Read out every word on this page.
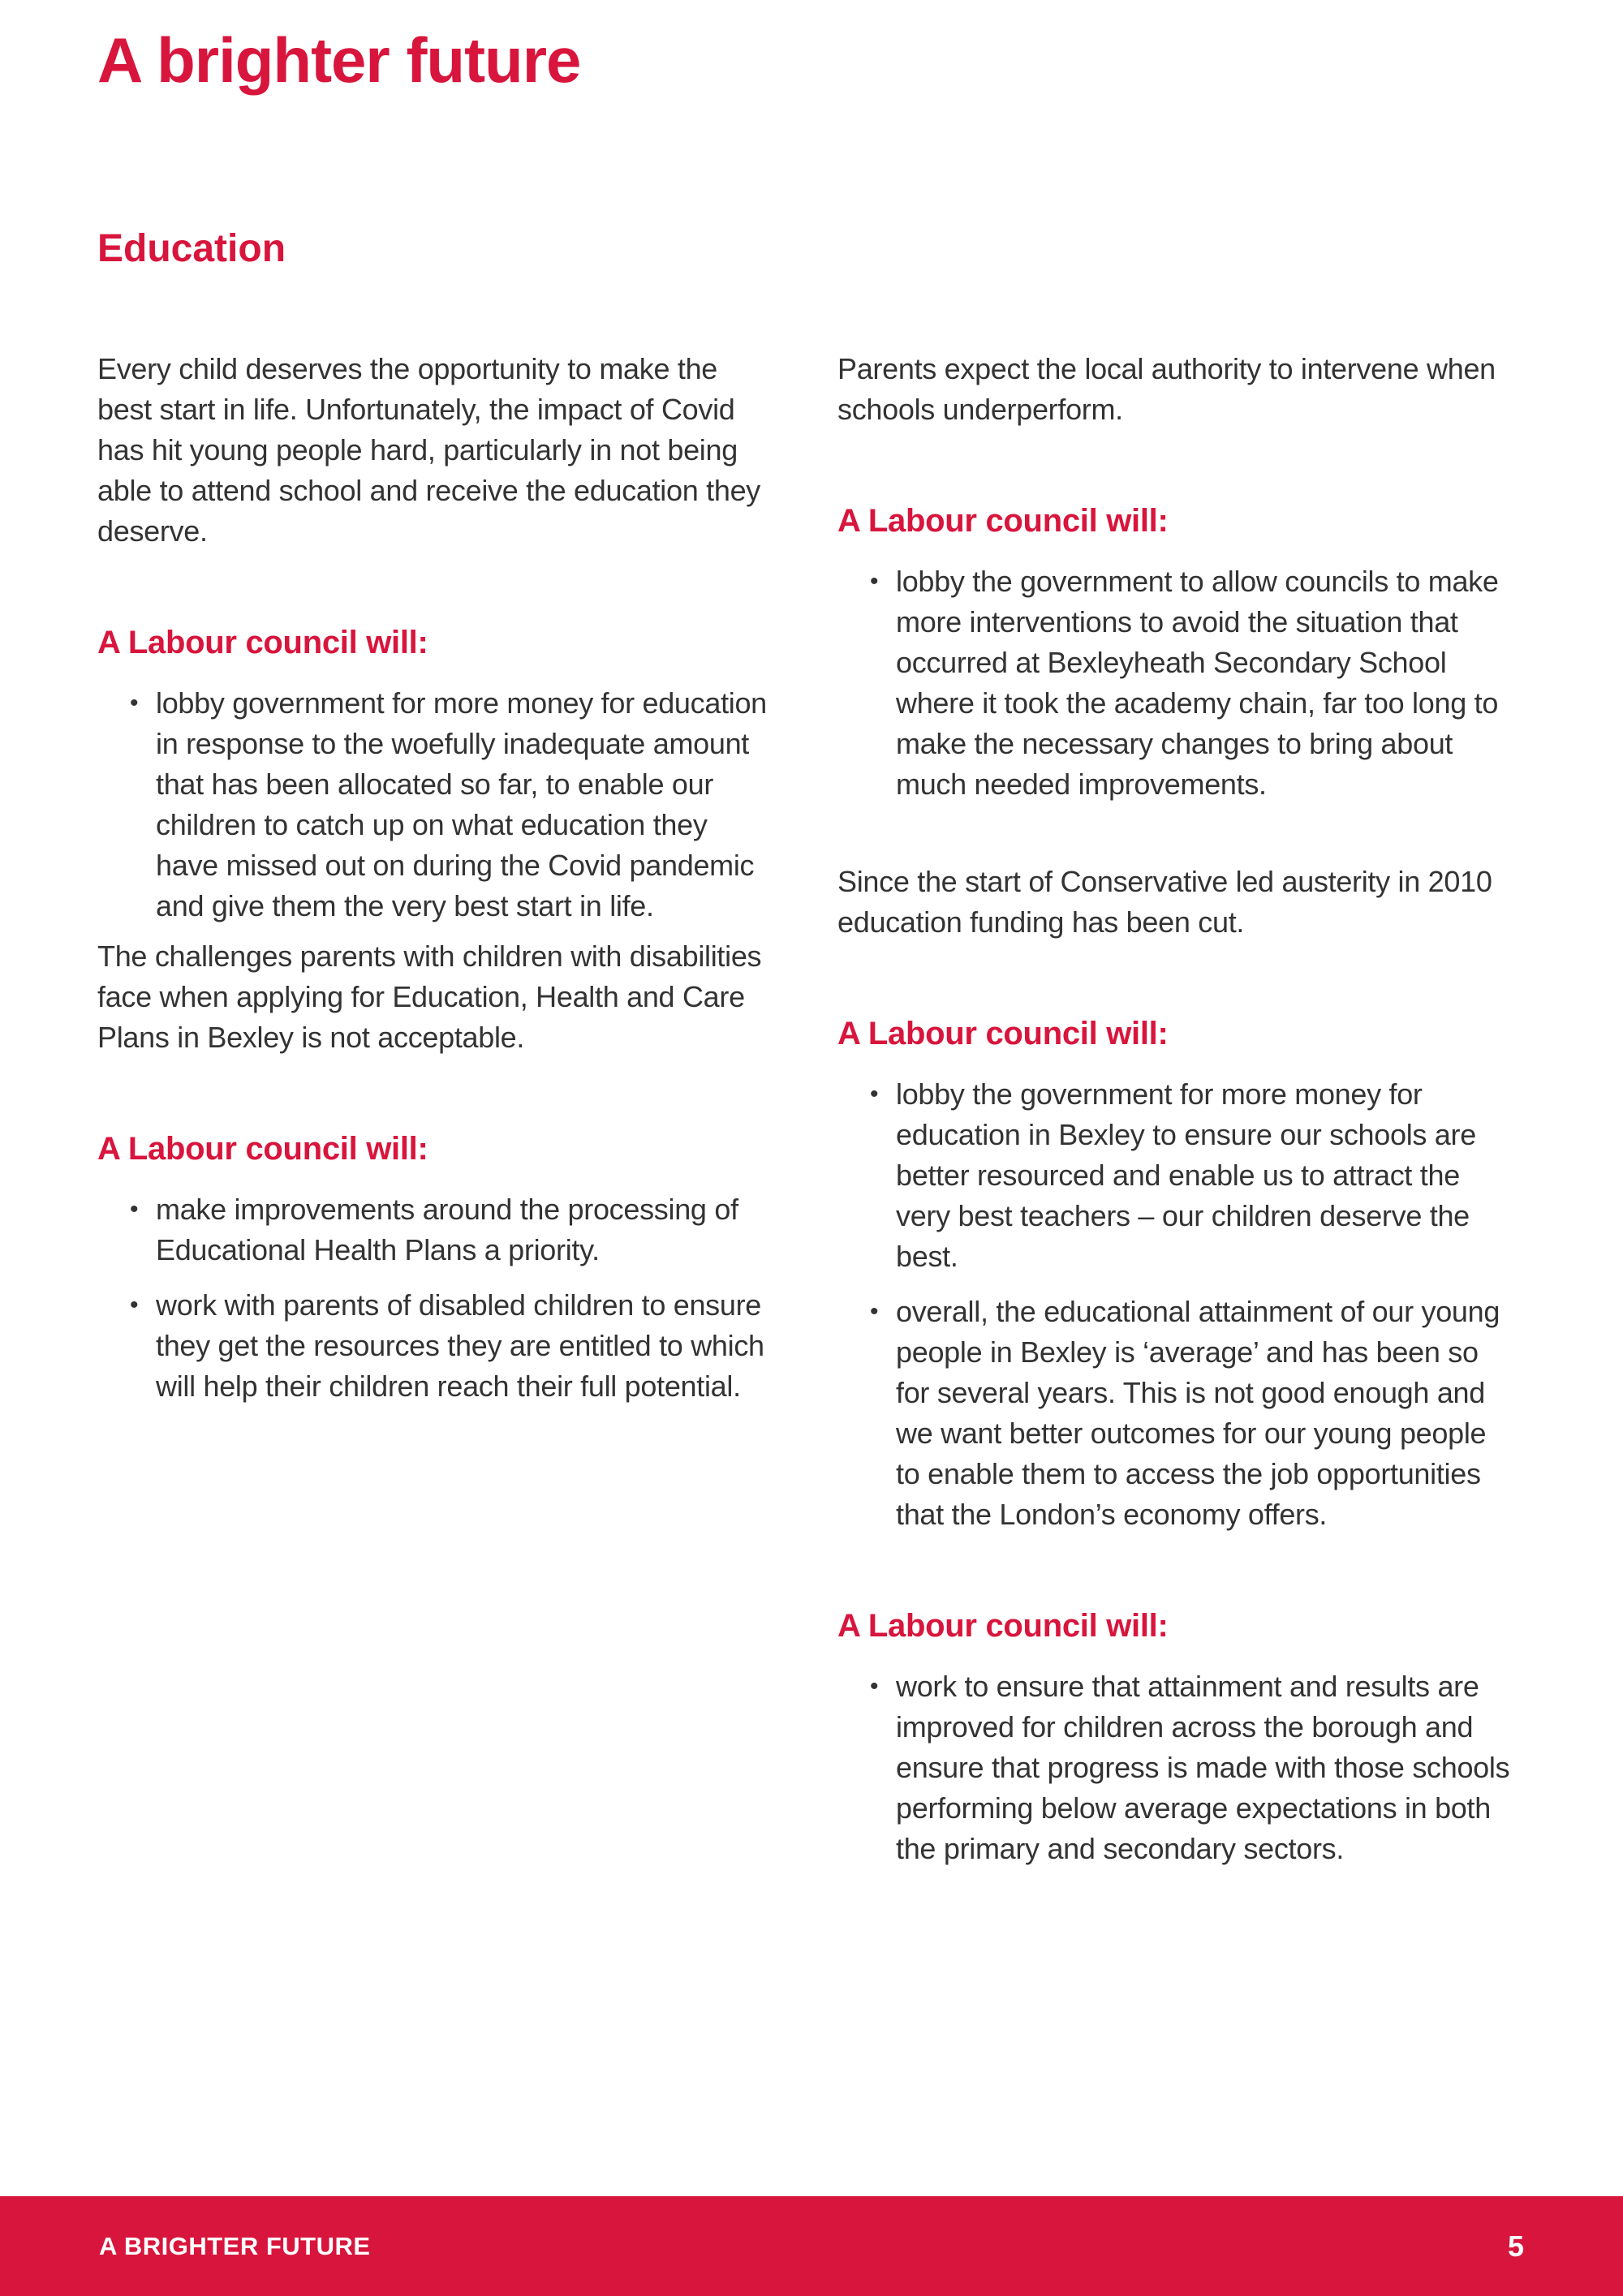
A brighter future
Education

Every child deserves the opportunity to make the best start in life. Unfortunately, the impact of Covid has hit young people hard, particularly in not being able to attend school and receive the education they deserve.

A Labour council will:
• lobby government for more money for education in response to the woefully inadequate amount that has been allocated so far, to enable our children to catch up on what education they have missed out on during the Covid pandemic and give them the very best start in life.

The challenges parents with children with disabilities face when applying for Education, Health and Care Plans in Bexley is not acceptable.

A Labour council will:
• make improvements around the processing of Educational Health Plans a priority.
• work with parents of disabled children to ensure they get the resources they are entitled to which will help their children reach their full potential.

Parents expect the local authority to intervene when schools underperform.

A Labour council will:
• lobby the government to allow councils to make more interventions to avoid the situation that occurred at Bexleyheath Secondary School where it took the academy chain, far too long to make the necessary changes to bring about much needed improvements.

Since the start of Conservative led austerity in 2010 education funding has been cut.

A Labour council will:
• lobby the government for more money for education in Bexley to ensure our schools are better resourced and enable us to attract the very best teachers – our children deserve the best.
• overall, the educational attainment of our young people in Bexley is ‘average’ and has been so for several years. This is not good enough and we want better outcomes for our young people to enable them to access the job opportunities that the London’s economy offers.
A Labour council will:
• work to ensure that attainment and results are improved for children across the borough and ensure that progress is made with those schools performing below average expectations in both the primary and secondary sectors.
A BRIGHTER FUTURE	5
